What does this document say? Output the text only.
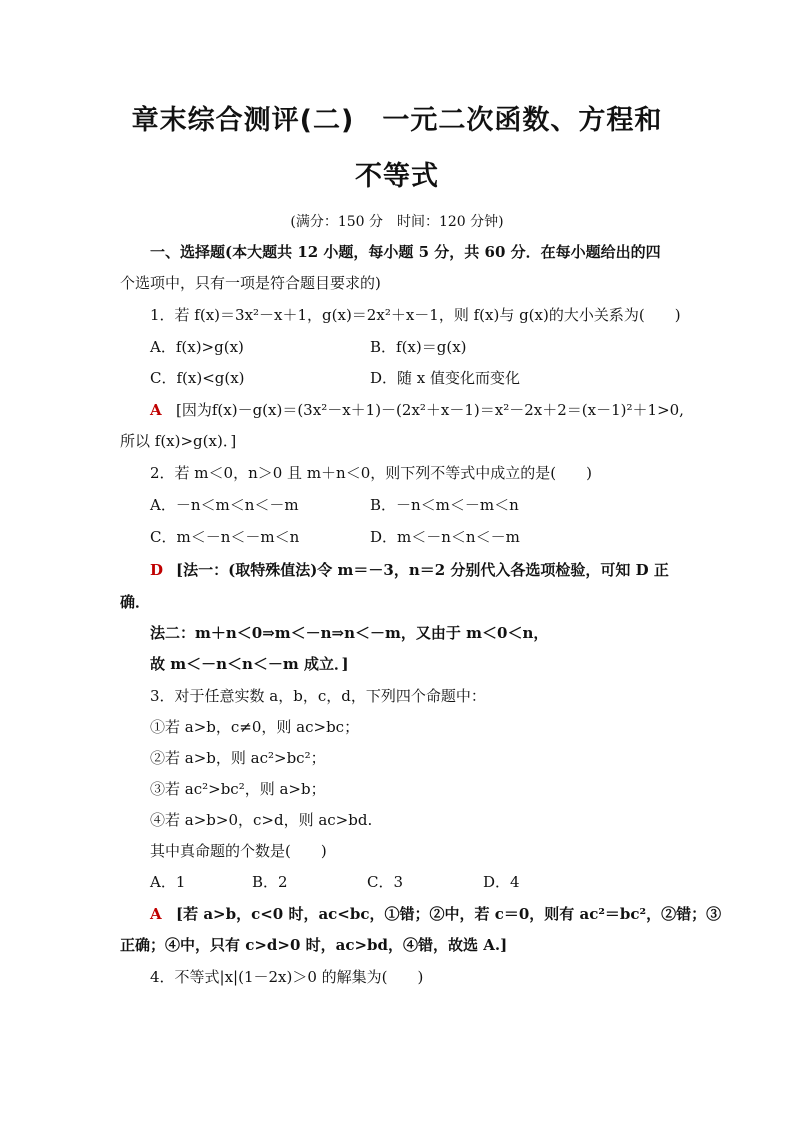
章末综合测评(二)　一元二次函数、方程和
不等式
(满分：150 分　时间：120 分钟)
一、选择题(本大题共 12 小题，每小题 5 分，共 60 分．在每小题给出的四
个选项中，只有一项是符合题目要求的)
1．若 f(x)＝3x²－x＋1，g(x)＝2x²＋x－1，则 f(x)与 g(x)的大小关系为(　　)
A．f(x)>g(x)	B．f(x)＝g(x)
C．f(x)<g(x)	D．随 x 值变化而变化
A [因为f(x)－g(x)＝(3x²－x＋1)－(2x²＋x－1)＝x²－2x＋2＝(x－1)²＋1>0,
所以 f(x)>g(x)．]
2．若 m＜0，n＞0 且 m＋n＜0，则下列不等式中成立的是(　　)
A．－n＜m＜n＜－m	B．－n＜m＜－m＜n
C．m＜－n＜－m＜n	D．m＜－n＜n＜－m
D [法一：(取特殊值法)令 m＝－3，n＝2 分别代入各选项检验，可知 D 正
确．
法二：m＋n＜0⇒m＜－n⇒n＜－m，又由于 m＜0＜n，
故 m＜－n＜n＜－m 成立．]
3．对于任意实数 a，b，c，d，下列四个命题中：
①若 a>b，c≠0，则 ac>bc；
②若 a>b，则 ac²>bc²；
③若 ac²>bc²，则 a>b；
④若 a>b>0，c>d，则 ac>bd.
其中真命题的个数是(　　)
A．1	B．2	C．3	D．4
A [若 a>b，c<0 时，ac<bc，①错；②中，若 c＝0，则有 ac²＝bc²，②错；③
正确；④中，只有 c>d>0 时，ac>bd，④错，故选 A.]
4．不等式|x|(1－2x)＞0 的解集为(　　)
